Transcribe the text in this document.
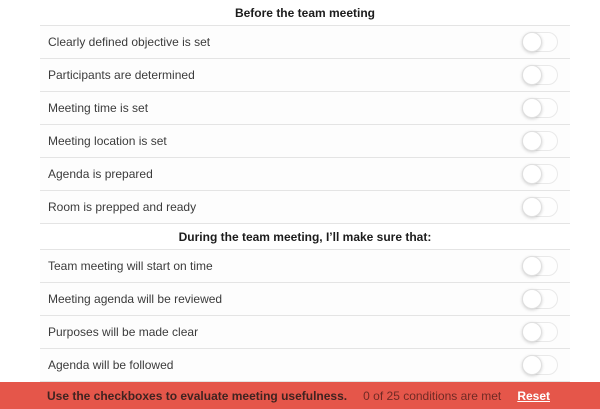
Before the team meeting
Clearly defined objective is set
Participants are determined
Meeting time is set
Meeting location is set
Agenda is prepared
Room is prepped and ready
During the team meeting, I’ll make sure that:
Team meeting will start on time
Meeting agenda will be reviewed
Purposes will be made clear
Agenda will be followed
Use the checkboxes to evaluate meeting usefulness. 0 of 25 conditions are met Reset
